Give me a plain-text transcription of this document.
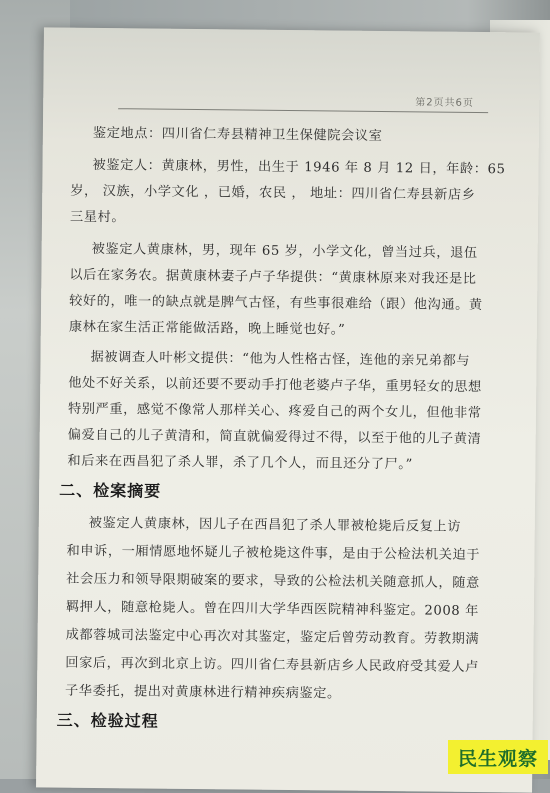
第2页共6页
鉴定地点：四川省仁寿县精神卫生保健院会议室
被鉴定人：黄康林，男性，出生于 1946 年 8 月 12 日，年龄：65
岁， 汉族，小学文化 ，已婚，农民 ， 地址：四川省仁寿县新店乡
三星村。
被鉴定人黄康林，男，现年 65 岁，小学文化，曾当过兵，退伍
以后在家务农。据黄康林妻子卢子华提供：“黄康林原来对我还是比
较好的，唯一的缺点就是脾气古怪，有些事很难给（跟）他沟通。黄
康林在家生活正常能做活路，晚上睡觉也好。”
据被调查人叶彬文提供：“他为人性格古怪，连他的亲兄弟都与
他处不好关系，以前还要不要动手打他老婆卢子华，重男轻女的思想
特别严重，感觉不像常人那样关心、疼爱自己的两个女儿，但他非常
偏爱自己的儿子黄清和，简直就偏爱得过不得，以至于他的儿子黄清
和后来在西昌犯了杀人罪，杀了几个人，而且还分了尸。”
二、检案摘要
被鉴定人黄康林，因儿子在西昌犯了杀人罪被枪毙后反复上访
和申诉，一厢情愿地怀疑儿子被枪毙这件事，是由于公检法机关迫于
社会压力和领导限期破案的要求，导致的公检法机关随意抓人，随意
羁押人，随意枪毙人。曾在四川大学华西医院精神科鉴定。2008 年
成都蓉城司法鉴定中心再次对其鉴定，鉴定后曾劳动教育。劳教期满
回家后，再次到北京上访。四川省仁寿县新店乡人民政府受其爱人卢
子华委托，提出对黄康林进行精神疾病鉴定。
三、检验过程
民生观察
